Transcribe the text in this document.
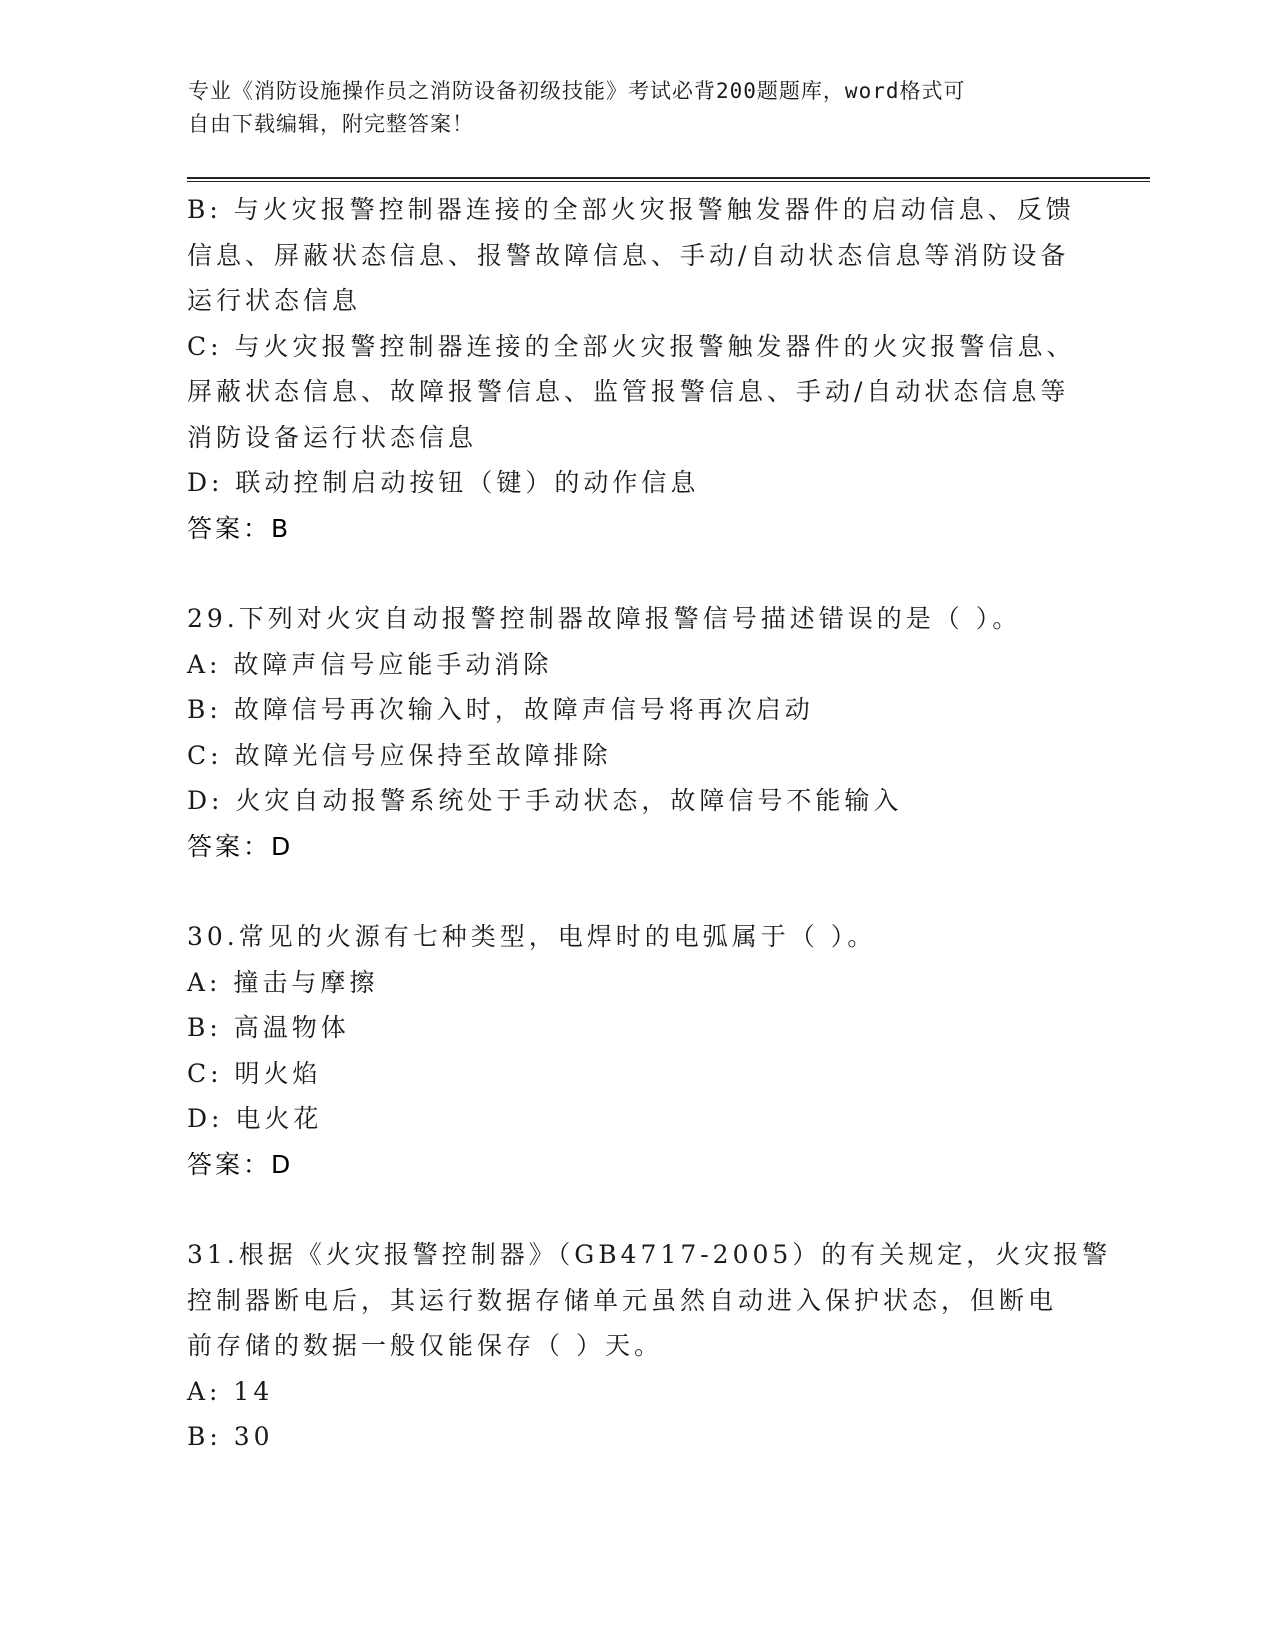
专业《消防设施操作员之消防设备初级技能》考试必背200题题库，word格式可
自由下载编辑，附完整答案！
B: 与火灾报警控制器连接的全部火灾报警触发器件的启动信息、反馈
信息、屏蔽状态信息、报警故障信息、手动/自动状态信息等消防设备
运行状态信息
C: 与火灾报警控制器连接的全部火灾报警触发器件的火灾报警信息、
屏蔽状态信息、故障报警信息、监管报警信息、手动/自动状态信息等
消防设备运行状态信息
D: 联动控制启动按钮（键）的动作信息
答案：B
29.下列对火灾自动报警控制器故障报警信号描述错误的是（ ）。
A: 故障声信号应能手动消除
B: 故障信号再次输入时，故障声信号将再次启动
C: 故障光信号应保持至故障排除
D: 火灾自动报警系统处于手动状态，故障信号不能输入
答案：D
30.常见的火源有七种类型，电焊时的电弧属于（ ）。
A: 撞击与摩擦
B: 高温物体
C: 明火焰
D: 电火花
答案：D
31.根据《火灾报警控制器》（GB4717-2005）的有关规定，火灾报警
控制器断电后，其运行数据存储单元虽然自动进入保护状态，但断电
前存储的数据一般仅能保存（ ）天。
A: 14
B: 30
